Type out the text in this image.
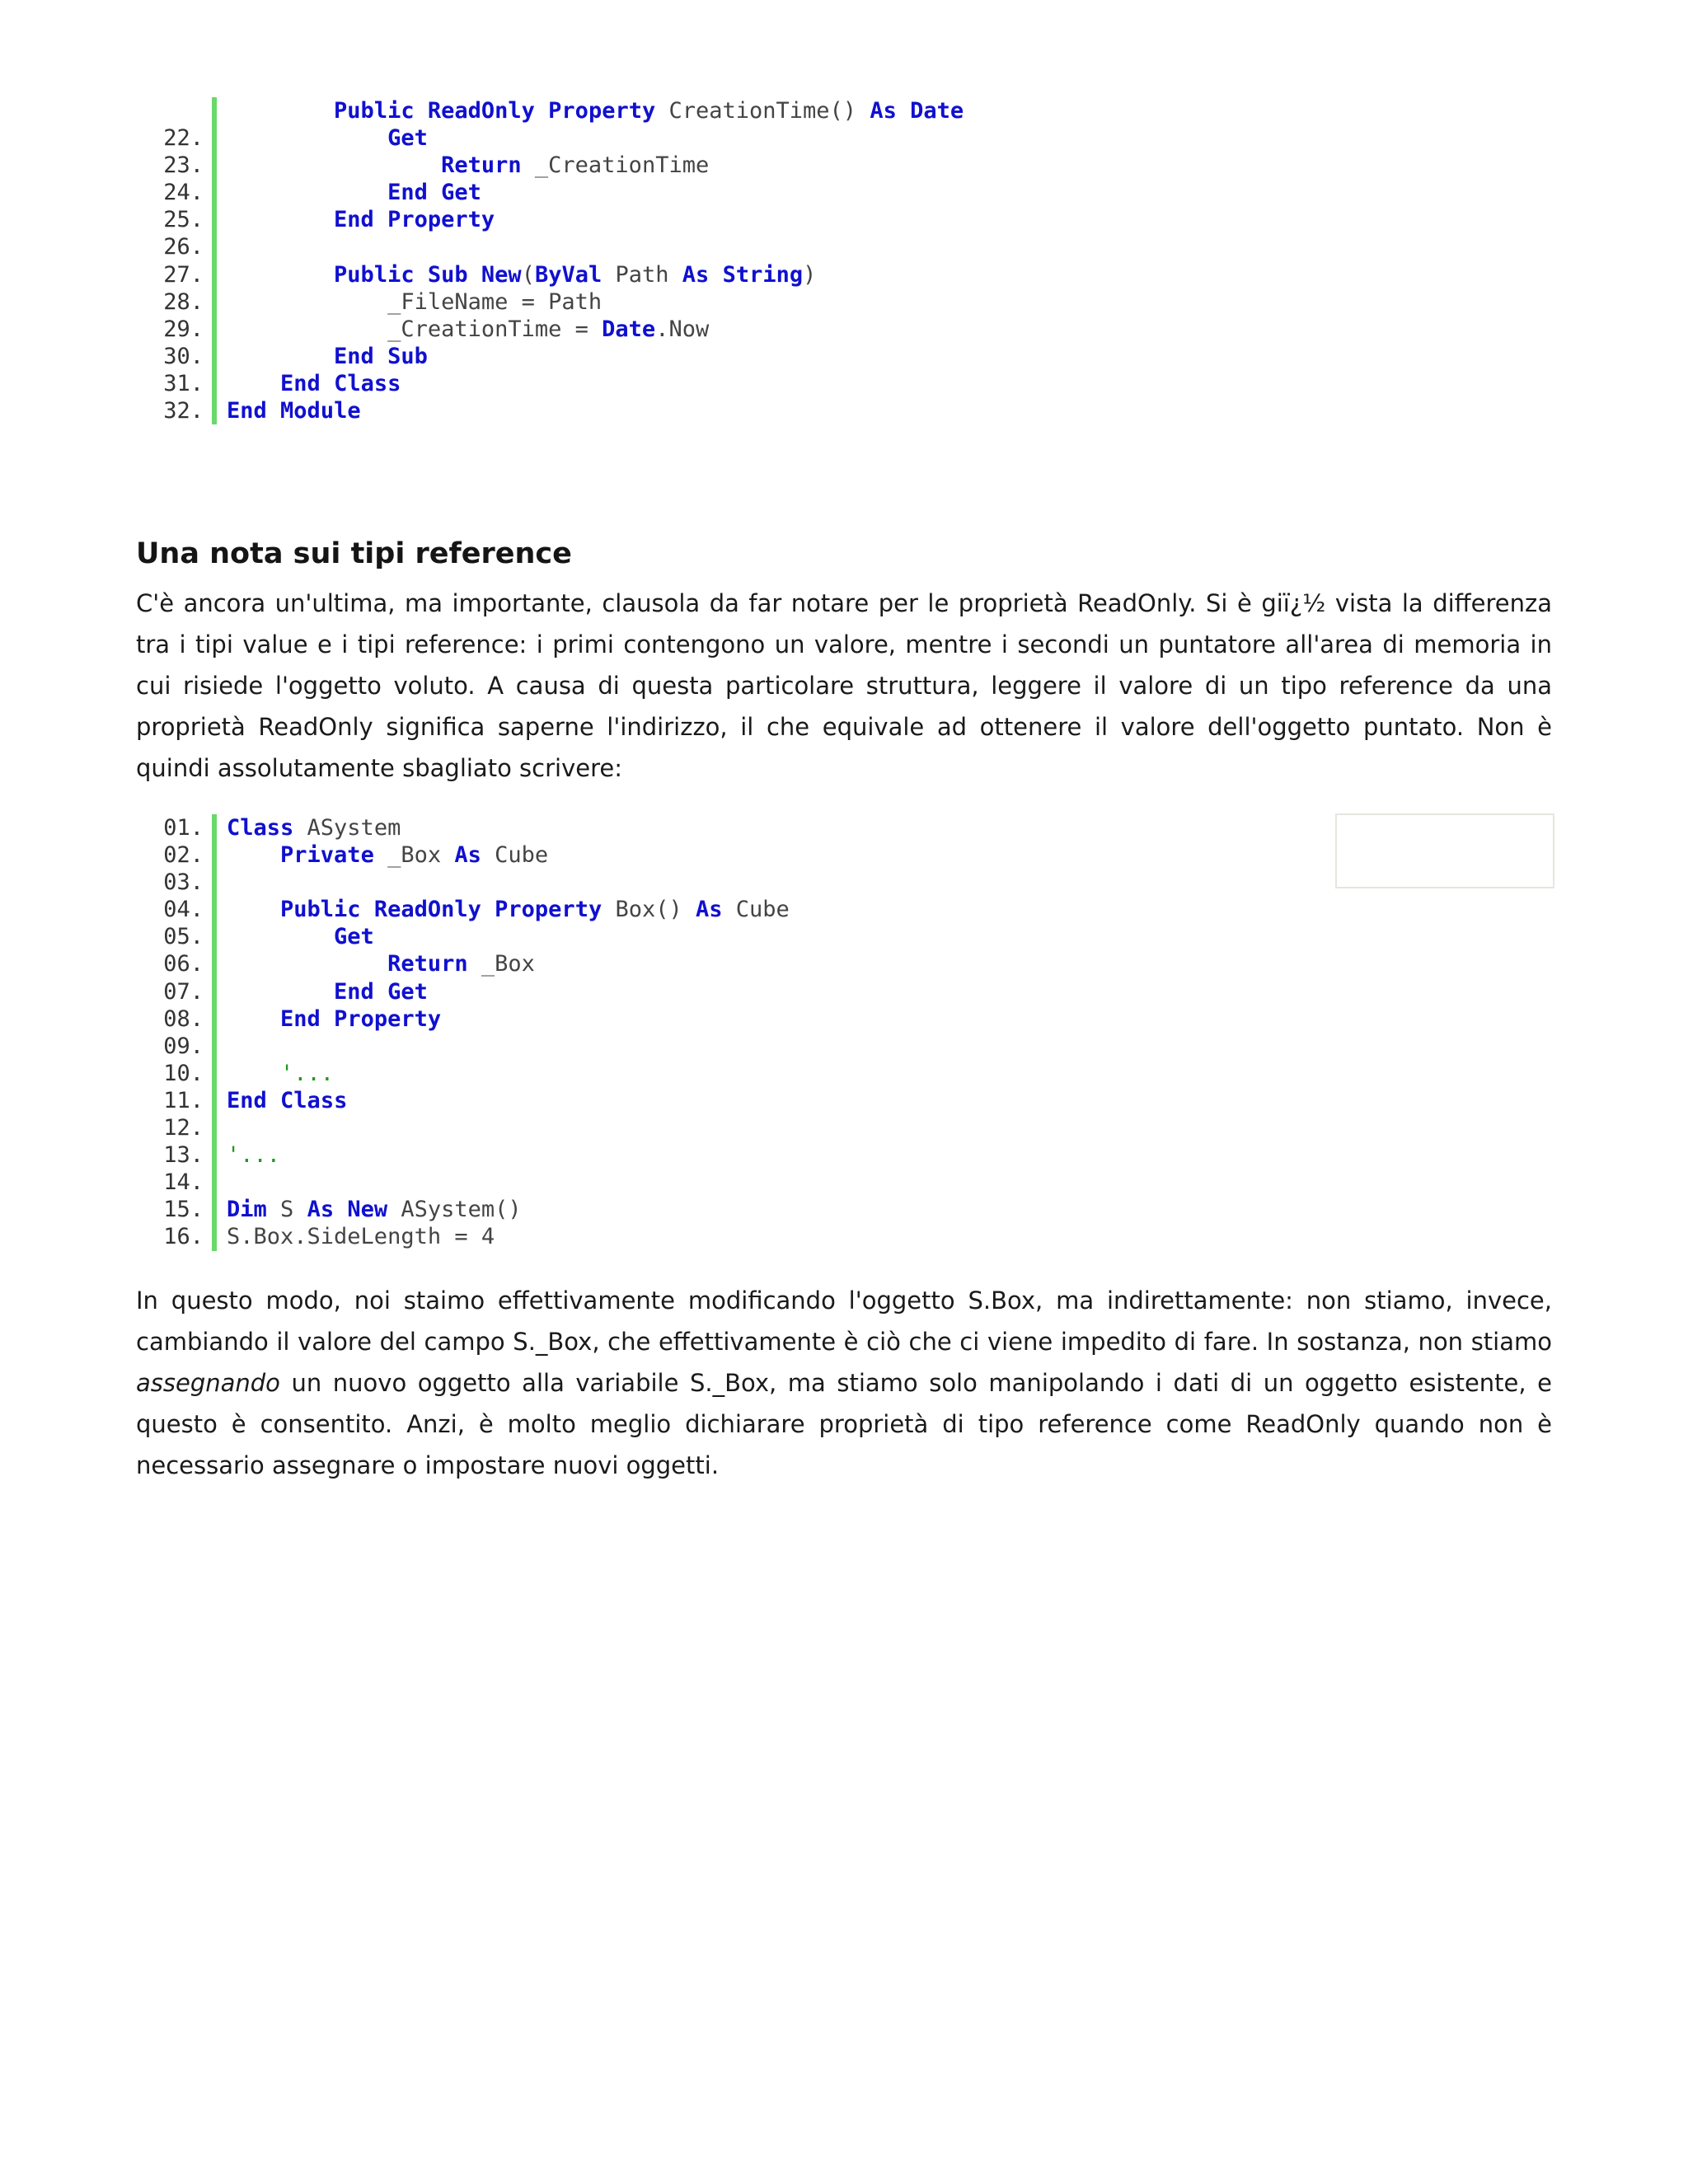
Public ReadOnly Property CreationTime() As Date
22.	Get
23.	Return _CreationTime
24.	End Get
25.	End Property
26.
27.	Public Sub New(ByVal Path As String)
28.	_FileName = Path
29.	_CreationTime = Date.Now
30.	End Sub
31.	End Class
32.	End Module
Una nota sui tipi reference

C'è ancora un'ultima, ma importante, clausola da far notare per le proprietà ReadOnly. Si è giï¿½ vista la differenza tra i tipi value e i tipi reference: i primi contengono un valore, mentre i secondi un puntatore all'area di memoria in cui risiede l'oggetto voluto. A causa di questa particolare struttura, leggere il valore di un tipo reference da una proprietà ReadOnly significa saperne l'indirizzo, il che equivale ad ottenere il valore dell'oggetto puntato. Non è quindi assolutamente sbagliato scrivere:

01.	Class ASystem
02.	Private _Box As Cube
03.
04.	Public ReadOnly Property Box() As Cube
05.	Get
06.	Return _Box
07.	End Get
08.	End Property
09.
10.	'...
11.	End Class
12.
13.	'...
14.
15.	Dim S As New ASystem()
16.	S.Box.SideLength = 4

In questo modo, noi staimo effettivamente modificando l'oggetto S.Box, ma indirettamente: non stiamo, invece, cambiando il valore del campo S._Box, che effettivamente è ciò che ci viene impedito di fare. In sostanza, non stiamo assegnando un nuovo oggetto alla variabile S._Box, ma stiamo solo manipolando i dati di un oggetto esistente, e questo è consentito. Anzi, è molto meglio dichiarare proprietà di tipo reference come ReadOnly quando non è necessario assegnare o impostare nuovi oggetti.
